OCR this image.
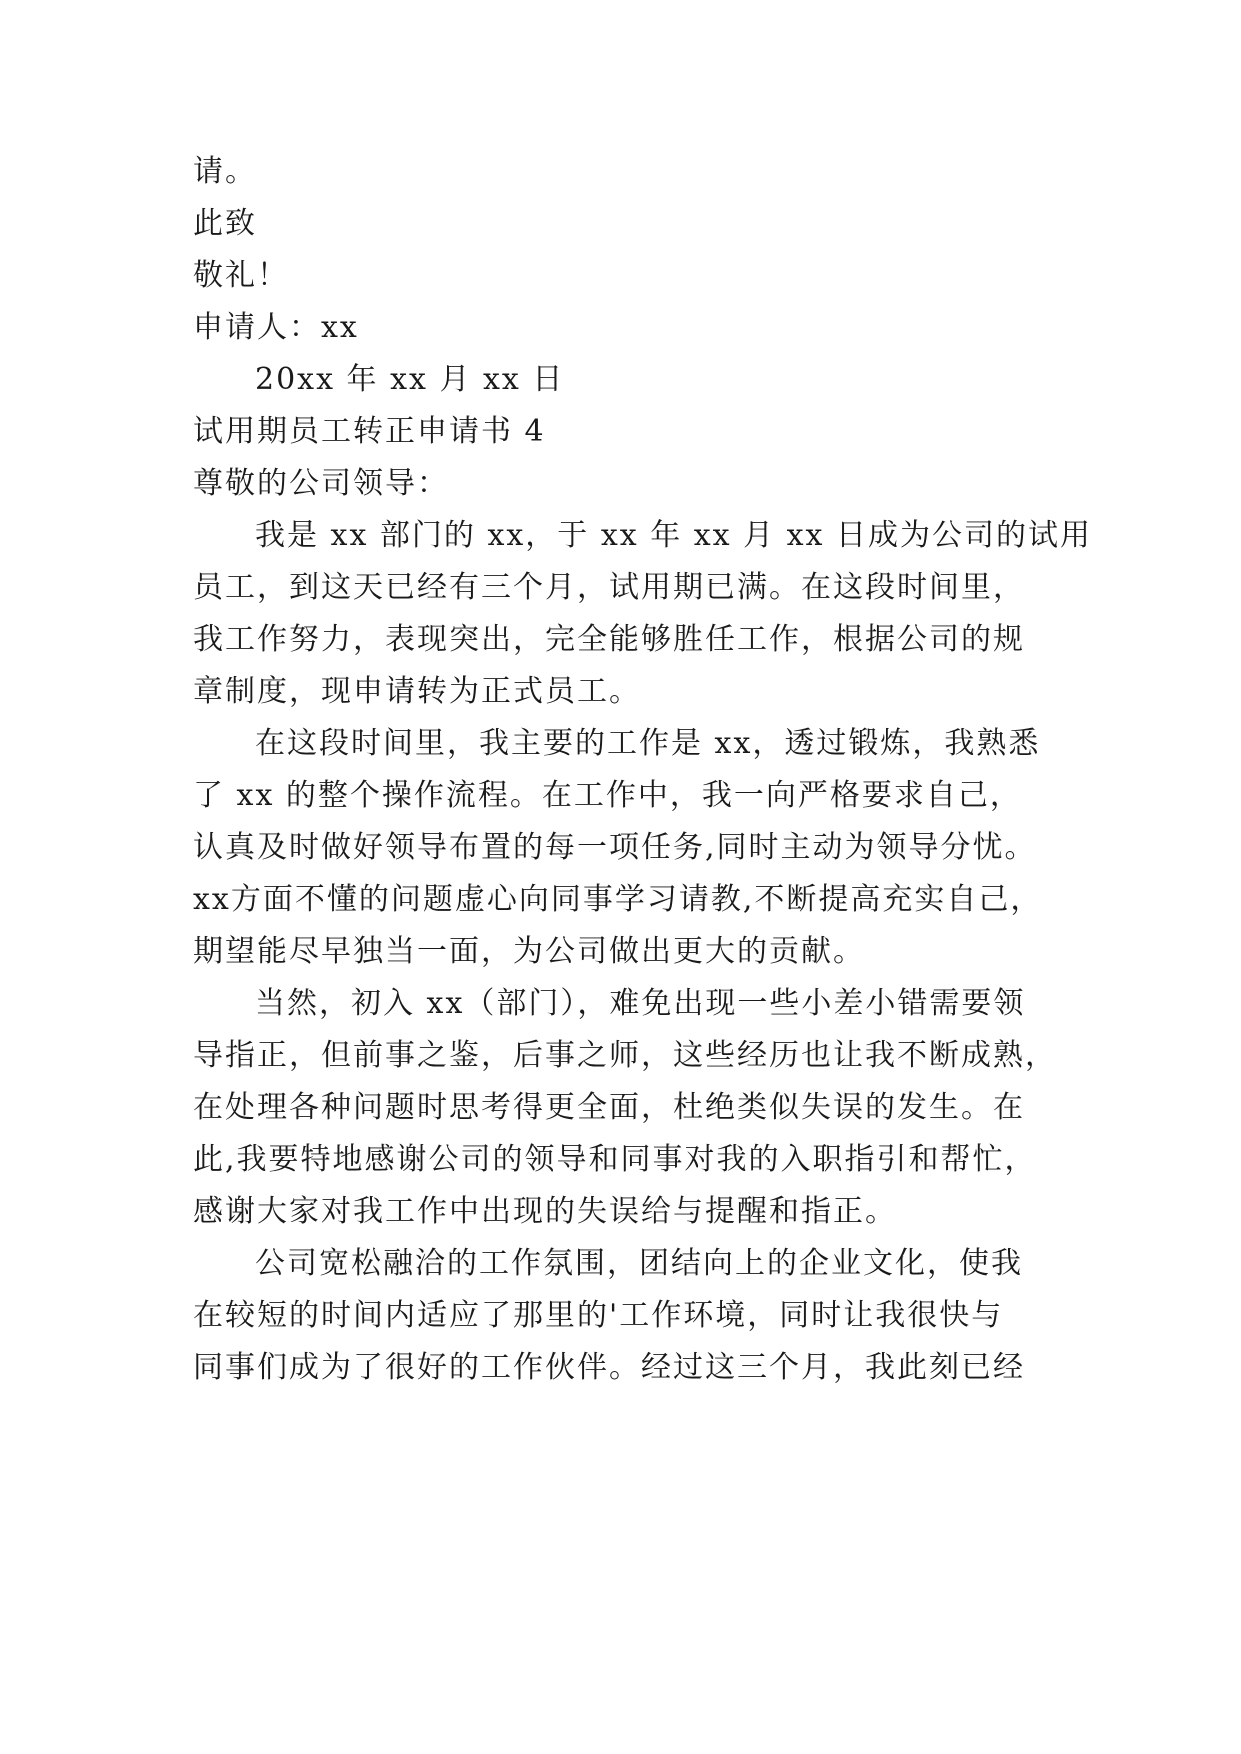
请。
此致
敬礼！
申请人：xx
20xx 年 xx 月 xx 日
试用期员工转正申请书 4
尊敬的公司领导：
我是 xx 部门的 xx，于 xx 年 xx 月 xx 日成为公司的试用
员工，到这天已经有三个月，试用期已满。在这段时间里，
我工作努力，表现突出，完全能够胜任工作，根据公司的规
章制度，现申请转为正式员工。
在这段时间里，我主要的工作是 xx，透过锻炼，我熟悉
了 xx 的整个操作流程。在工作中，我一向严格要求自己，
认真及时做好领导布置的每一项任务,同时主动为领导分忧。
xx方面不懂的问题虚心向同事学习请教,不断提高充实自己，
期望能尽早独当一面，为公司做出更大的贡献。
当然，初入 xx（部门），难免出现一些小差小错需要领
导指正，但前事之鉴，后事之师，这些经历也让我不断成熟，
在处理各种问题时思考得更全面，杜绝类似失误的发生。在
此,我要特地感谢公司的领导和同事对我的入职指引和帮忙，
感谢大家对我工作中出现的失误给与提醒和指正。
公司宽松融洽的工作氛围，团结向上的企业文化，使我
在较短的时间内适应了那里的'工作环境，同时让我很快与
同事们成为了很好的工作伙伴。经过这三个月，我此刻已经
